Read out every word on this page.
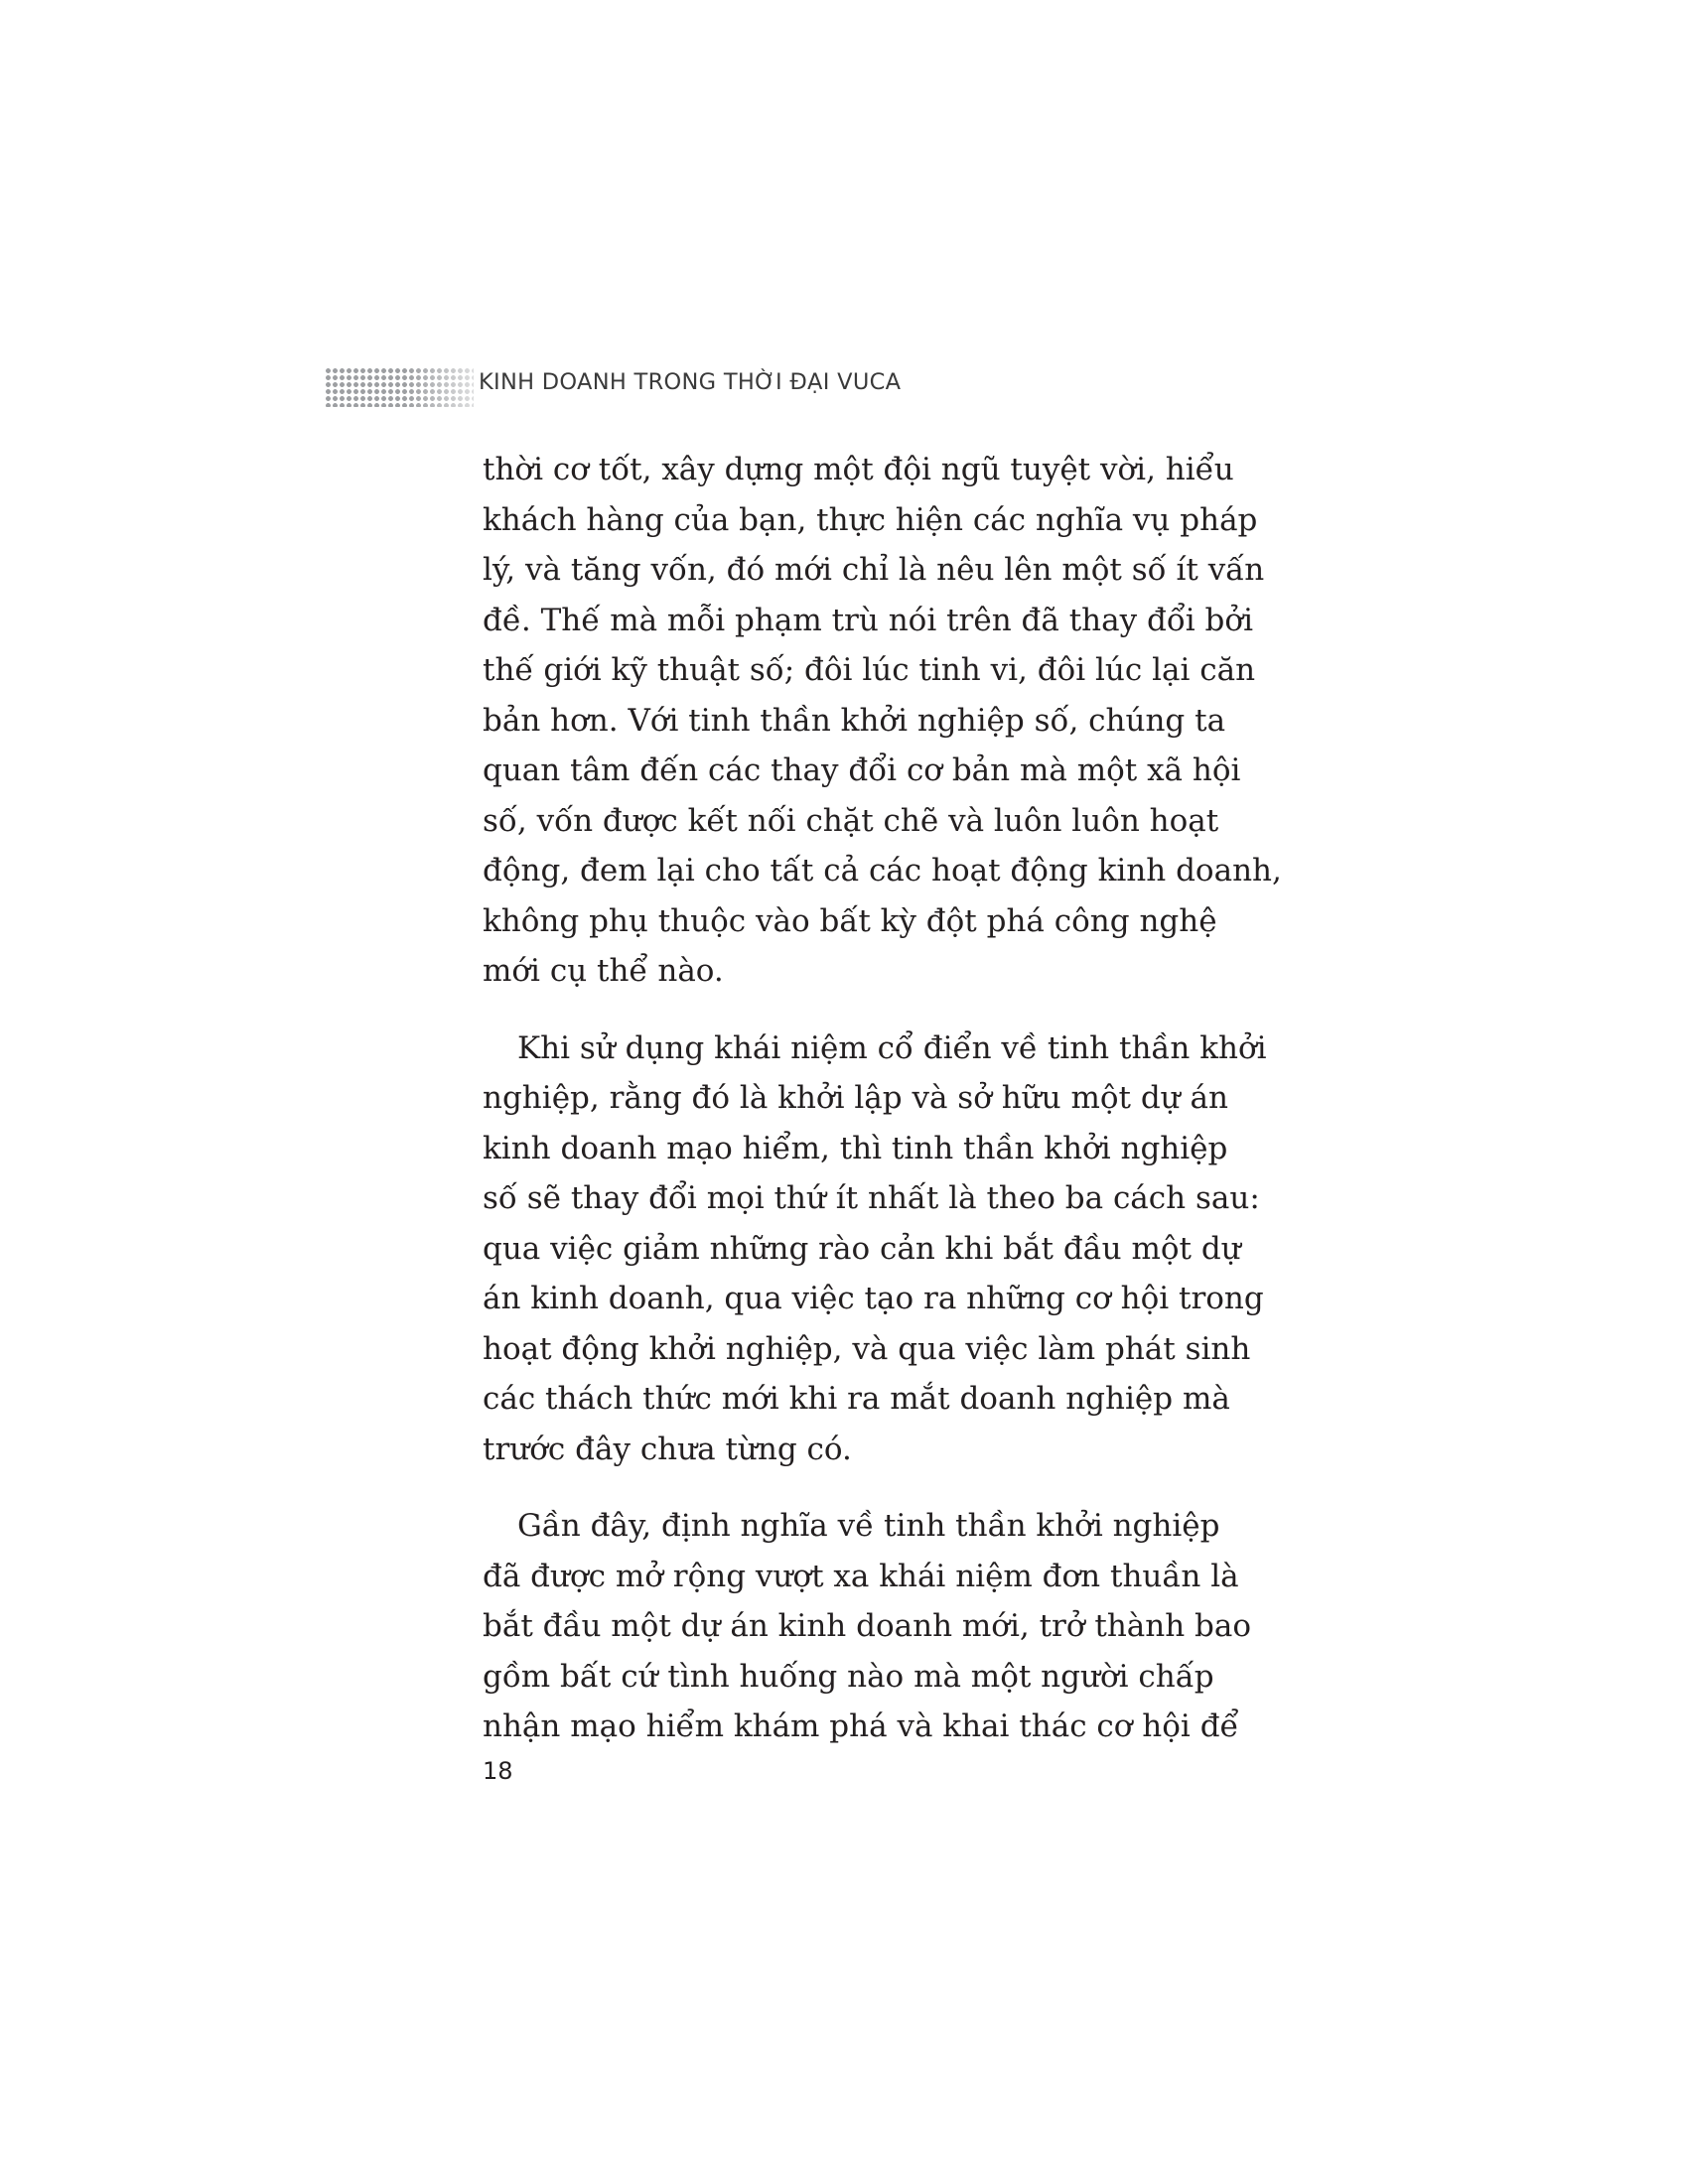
KINH DOANH TRONG THỜI ĐẠI VUCA
thời cơ tốt, xây dựng một đội ngũ tuyệt vời, hiểu
khách hàng của bạn, thực hiện các nghĩa vụ pháp
lý, và tăng vốn, đó mới chỉ là nêu lên một số ít vấn
đề. Thế mà mỗi phạm trù nói trên đã thay đổi bởi
thế giới kỹ thuật số; đôi lúc tinh vi, đôi lúc lại căn
bản hơn. Với tinh thần khởi nghiệp số, chúng ta
quan tâm đến các thay đổi cơ bản mà một xã hội
số, vốn được kết nối chặt chẽ và luôn luôn hoạt
động, đem lại cho tất cả các hoạt động kinh doanh,
không phụ thuộc vào bất kỳ đột phá công nghệ
mới cụ thể nào.
Khi sử dụng khái niệm cổ điển về tinh thần khởi
nghiệp, rằng đó là khởi lập và sở hữu một dự án
kinh doanh mạo hiểm, thì tinh thần khởi nghiệp
số sẽ thay đổi mọi thứ ít nhất là theo ba cách sau:
qua việc giảm những rào cản khi bắt đầu một dự
án kinh doanh, qua việc tạo ra những cơ hội trong
hoạt động khởi nghiệp, và qua việc làm phát sinh
các thách thức mới khi ra mắt doanh nghiệp mà
trước đây chưa từng có.
Gần đây, định nghĩa về tinh thần khởi nghiệp
đã được mở rộng vượt xa khái niệm đơn thuần là
bắt đầu một dự án kinh doanh mới, trở thành bao
gồm bất cứ tình huống nào mà một người chấp
nhận mạo hiểm khám phá và khai thác cơ hội để
18
